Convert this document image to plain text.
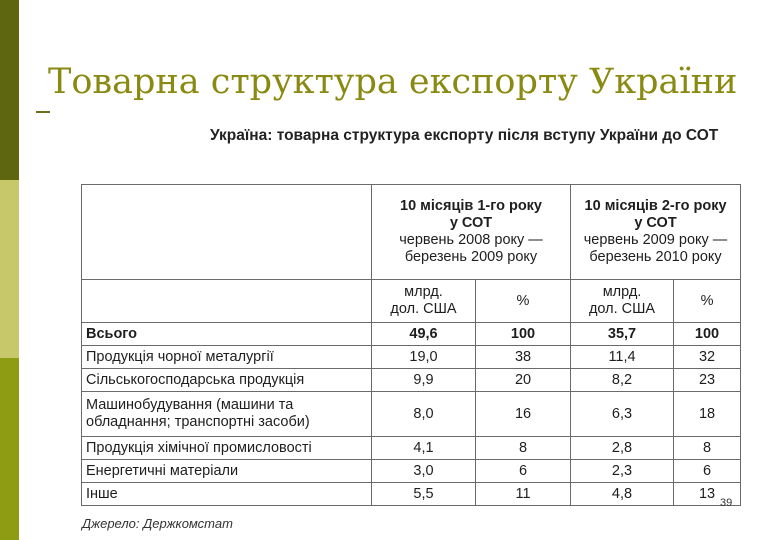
Товарна структура експорту України
Україна: товарна структура експорту після вступу України до СОТ

	10 місяців 1-го року
у СОТ
червень 2008 року —
березень 2009 року		10 місяців 2-го року
у СОТ
червень 2009 року —
березень 2010 року	

	млрд.
дол. США	%	млрд.
дол. США	%
Всього	49,6	100	35,7	100
Продукція чорної металургії	19,0	38	11,4	32
Сільськогосподарська продукція	9,9	20	8,2	23

Машинобудування (машини та
обладнання; транспортні засоби)	8,0	16	6,3	18
Продукція хімічної промисловості	4,1	8	2,8	8
Енергетичні матеріали	3,0	6	2,3	6
Інше	5,5	11	4,8	13
39

Джерело: Держкомстат
